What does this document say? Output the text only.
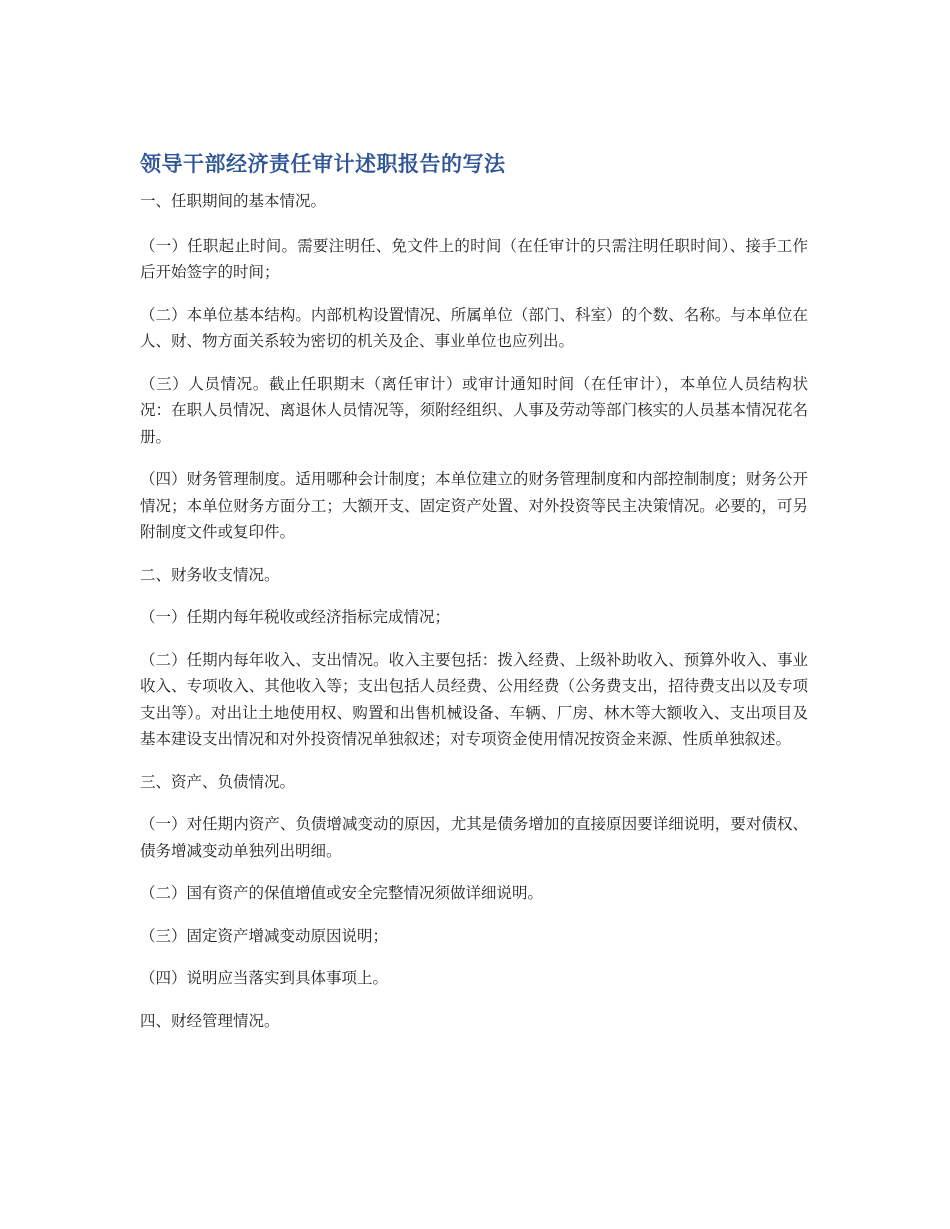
领导干部经济责任审计述职报告的写法

一、任职期间的基本情况。

（一）任职起止时间。需要注明任、免文件上的时间（在任审计的只需注明任职时间）、接手工作后开始签字的时间；

（二）本单位基本结构。内部机构设置情况、所属单位（部门、科室）的个数、名称。与本单位在人、财、物方面关系较为密切的机关及企、事业单位也应列出。

（三）人员情况。截止任职期末（离任审计）或审计通知时间（在任审计），本单位人员结构状况：在职人员情况、离退休人员情况等，须附经组织、人事及劳动等部门核实的人员基本情况花名册。

（四）财务管理制度。适用哪种会计制度；本单位建立的财务管理制度和内部控制制度；财务公开情况；本单位财务方面分工；大额开支、固定资产处置、对外投资等民主决策情况。必要的，可另附制度文件或复印件。

二、财务收支情况。

（一）任期内每年税收或经济指标完成情况；

（二）任期内每年收入、支出情况。收入主要包括：拨入经费、上级补助收入、预算外收入、事业收入、专项收入、其他收入等；支出包括人员经费、公用经费（公务费支出，招待费支出以及专项支出等）。对出让土地使用权、购置和出售机械设备、车辆、厂房、林木等大额收入、支出项目及基本建设支出情况和对外投资情况单独叙述；对专项资金使用情况按资金来源、性质单独叙述。

三、资产、负债情况。

（一）对任期内资产、负债增减变动的原因，尤其是债务增加的直接原因要详细说明，要对债权、债务增减变动单独列出明细。

（二）国有资产的保值增值或安全完整情况须做详细说明。

（三）固定资产增减变动原因说明；

（四）说明应当落实到具体事项上。

四、财经管理情况。
